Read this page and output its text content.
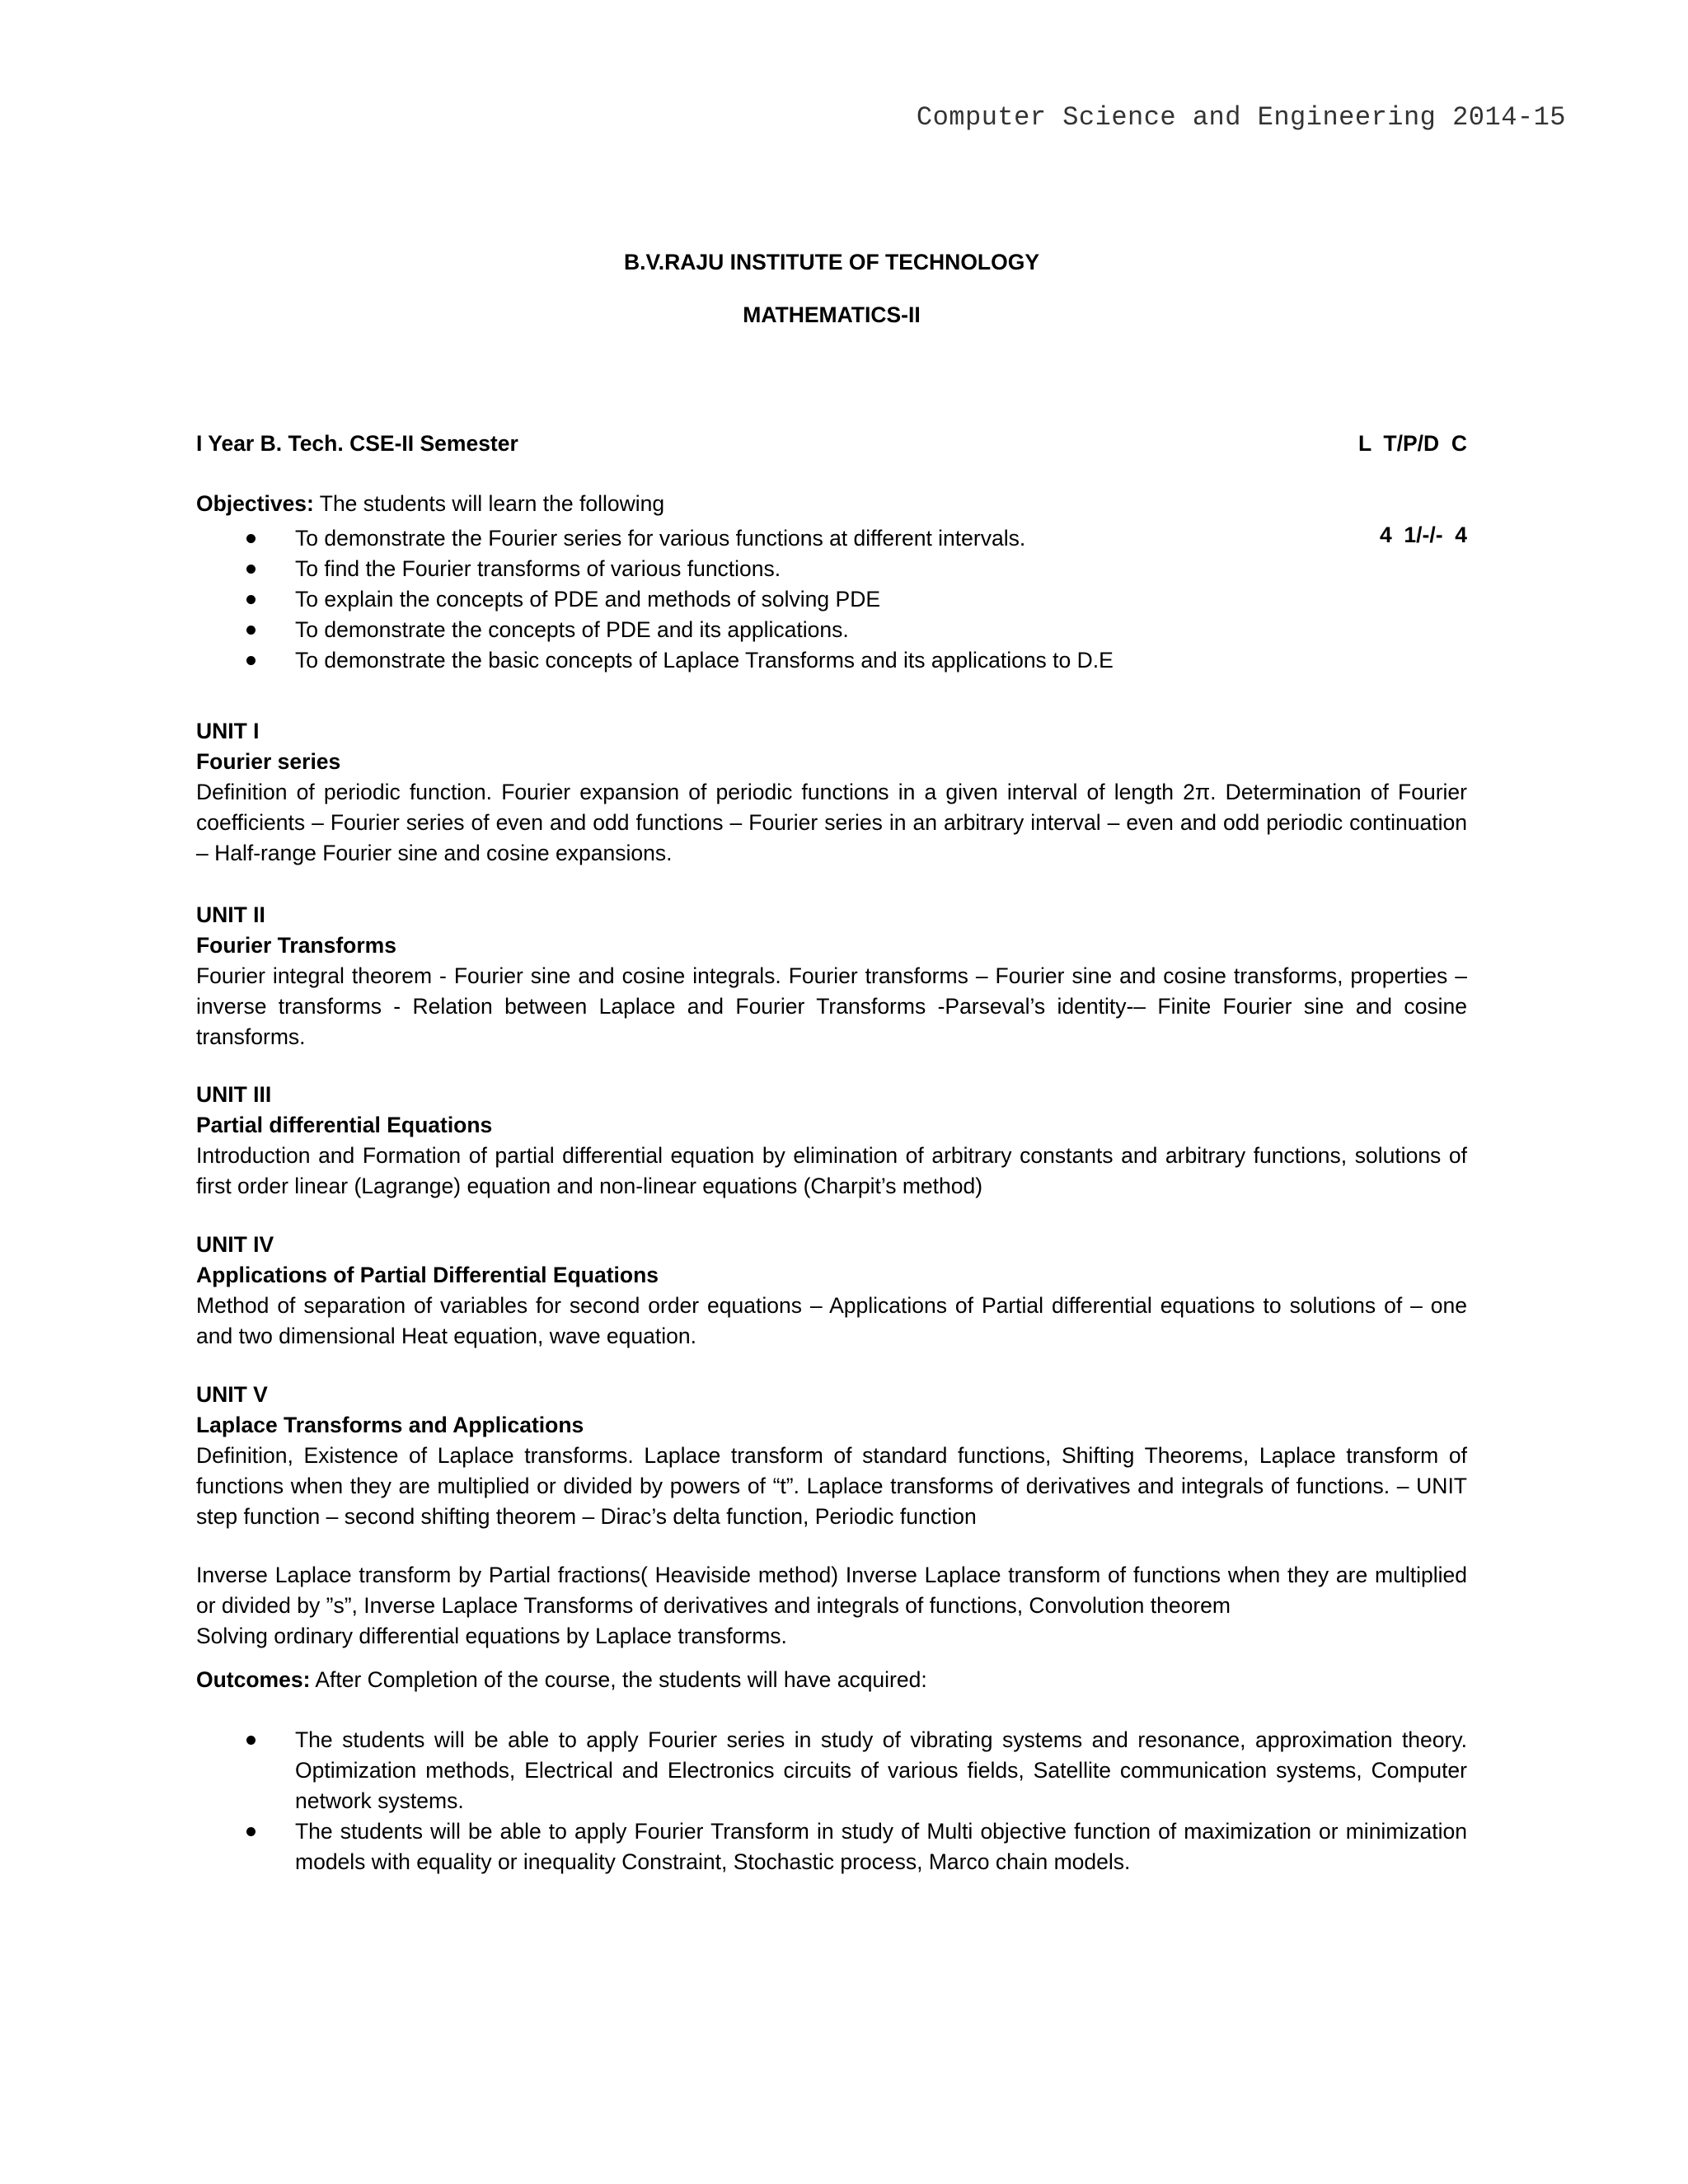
Computer Science and Engineering 2014-15
B.V.RAJU INSTITUTE OF TECHNOLOGY
MATHEMATICS-II

L  T/P/D  C

4  1/-/-  4

I Year B. Tech. CSE-II Semester
Objectives: The students will learn the following
To demonstrate the Fourier series for various functions at different intervals.
To find the Fourier transforms of various functions.
To explain the concepts of PDE and methods of solving PDE
To demonstrate the concepts of PDE and its applications.
To demonstrate the basic concepts of Laplace Transforms and its applications to D.E
UNIT I
Fourier series

Definition of periodic function. Fourier expansion of periodic functions in a given interval of length 2π. Determination of Fourier coefficients – Fourier series of even and odd functions – Fourier series in an arbitrary interval – even and odd periodic continuation – Half-range Fourier sine and cosine expansions.

UNIT II
Fourier Transforms

Fourier integral theorem - Fourier sine and cosine integrals. Fourier transforms – Fourier sine and cosine transforms, properties – inverse transforms - Relation between Laplace and Fourier Transforms -Parseval’s identity-– Finite Fourier sine and cosine transforms.

UNIT III
Partial differential Equations

Introduction and Formation of partial differential equation by elimination of arbitrary constants and arbitrary functions, solutions of first order linear (Lagrange) equation and non-linear equations (Charpit’s method)

UNIT IV
Applications of Partial Differential Equations

Method of separation of variables for second order equations – Applications of Partial differential equations to solutions of – one and two dimensional Heat equation, wave equation.

UNIT V
Laplace Transforms and Applications

Definition, Existence of Laplace transforms. Laplace transform of standard functions, Shifting Theorems, Laplace transform of functions when they are multiplied or divided by powers of “t”. Laplace transforms of derivatives and integrals of functions. – UNIT step function – second shifting theorem – Dirac’s delta function, Periodic function

Inverse Laplace transform by Partial fractions( Heaviside method) Inverse Laplace transform of functions when they are multiplied or divided by ”s”, Inverse Laplace Transforms of derivatives and integrals of functions, Convolution theorem

Solving ordinary differential equations by Laplace transforms.

Outcomes: After Completion of the course, the students will have acquired:
The students will be able to apply Fourier series in study of vibrating systems and resonance, approximation theory. Optimization methods, Electrical and Electronics circuits of various fields, Satellite communication systems, Computer network systems.
The students will be able to apply Fourier Transform in study of Multi objective function of maximization or minimization models with equality or inequality Constraint, Stochastic process, Marco chain models.
